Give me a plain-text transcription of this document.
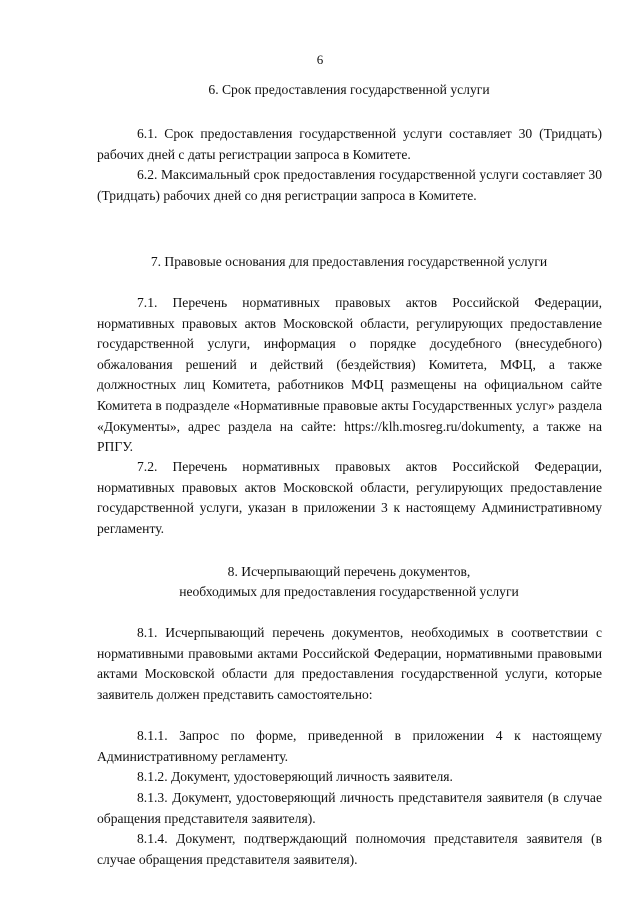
6
6. Срок предоставления государственной услуги
6.1. Срок предоставления государственной услуги составляет 30 (Тридцать) рабочих дней с даты регистрации запроса в Комитете.
6.2. Максимальный срок предоставления государственной услуги составляет 30 (Тридцать) рабочих дней со дня регистрации запроса в Комитете.
7. Правовые основания для предоставления государственной услуги
7.1. Перечень нормативных правовых актов Российской Федерации, нормативных правовых актов Московской области, регулирующих предоставление государственной услуги, информация о порядке досудебного (внесудебного) обжалования решений и действий (бездействия) Комитета, МФЦ, а также должностных лиц Комитета, работников МФЦ размещены на официальном сайте Комитета в подразделе «Нормативные правовые акты Государственных услуг» раздела «Документы», адрес раздела на сайте: https://klh.mosreg.ru/dokumenty, а также на РПГУ.
7.2. Перечень нормативных правовых актов Российской Федерации, нормативных правовых актов Московской области, регулирующих предоставление государственной услуги, указан в приложении 3 к настоящему Административному регламенту.
8. Исчерпывающий перечень документов,
необходимых для предоставления государственной услуги
8.1. Исчерпывающий перечень документов, необходимых в соответствии с нормативными правовыми актами Российской Федерации, нормативными правовыми актами Московской области для предоставления государственной услуги, которые заявитель должен представить самостоятельно:
8.1.1. Запрос по форме, приведенной в приложении 4 к настоящему Административному регламенту.
8.1.2. Документ, удостоверяющий личность заявителя.
8.1.3. Документ, удостоверяющий личность представителя заявителя (в случае обращения представителя заявителя).
8.1.4. Документ, подтверждающий полномочия представителя заявителя (в случае обращения представителя заявителя).
